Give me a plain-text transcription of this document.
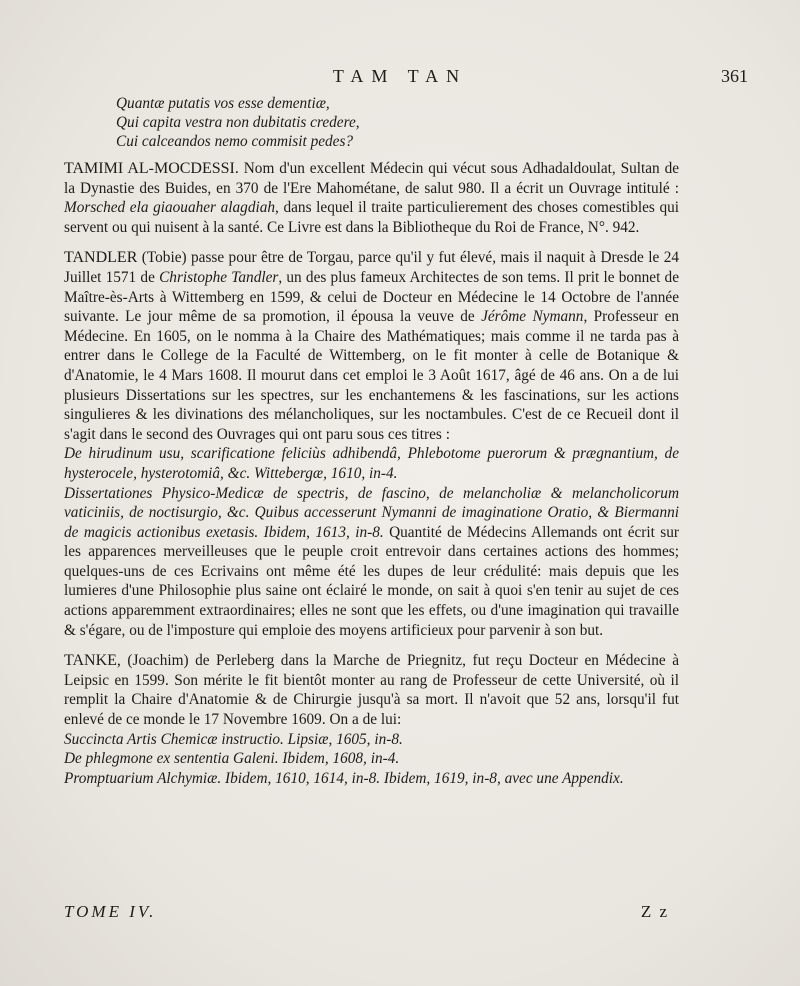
TAM TAN	361
Quantæ putatis vos esse dementiæ,
Qui capita vestra non dubitatis credere,
Cui calceandos nemo commisit pedes?

TAMIMI AL-MOCDESSI. Nom d'un excellent Médecin qui vécut sous Adhadaldoulat, Sultan de la Dynastie des Buides, en 370 de l'Ere Mahométane, de salut 980. Il a écrit un Ouvrage intitulé : Morsched ela giaouaher alagdiah, dans lequel il traite particulierement des choses comestibles qui servent ou qui nuisent à la santé. Ce Livre est dans la Bibliotheque du Roi de France, N°. 942.

TANDLER (Tobie) passe pour être de Torgau, parce qu'il y fut élevé, mais il naquit à Dresde le 24 Juillet 1571 de Christophe Tandler, un des plus fameux Architectes de son tems. Il prit le bonnet de Maître-ès-Arts à Wittemberg en 1599, & celui de Docteur en Médecine le 14 Octobre de l'année suivante. Le jour même de sa promotion, il épousa la veuve de Jérôme Nymann, Professeur en Médecine. En 1605, on le nomma à la Chaire des Mathématiques; mais comme il ne tarda pas à entrer dans le College de la Faculté de Wittemberg, on le fit monter à celle de Botanique & d'Anatomie, le 4 Mars 1608. Il mourut dans cet emploi le 3 Août 1617, âgé de 46 ans. On a de lui plusieurs Dissertations sur les spectres, sur les enchantemens & les fascinations, sur les actions singulieres & les divinations des mélancholiques, sur les noctambules. C'est de ce Recueil dont il s'agit dans le second des Ouvrages qui ont paru sous ces titres :
De hirudinum usu, scarificatione feliciùs adhibendâ, Phlebotome puerorum & prægnantium, de hysterocele, hysterotomiâ, &c. Wittebergæ, 1610, in-4.
Dissertationes Physico-Medicæ de spectris, de fascino, de melancholiæ & melancholicorum vaticiniis, de noctisurgio, &c. Quibus accesserunt Nymanni de imaginatione Oratio, & Biermanni de magicis actionibus exetasis. Ibidem, 1613, in-8. Quantité de Médecins Allemands ont écrit sur les apparences merveilleuses que le peuple croit entrevoir dans certaines actions des hommes; quelques-uns de ces Ecrivains ont même été les dupes de leur crédulité: mais depuis que les lumieres d'une Philosophie plus saine ont éclairé le monde, on sait à quoi s'en tenir au sujet de ces actions apparemment extraordinaires; elles ne sont que les effets, ou d'une imagination qui travaille & s'égare, ou de l'imposture qui emploie des moyens artificieux pour parvenir à son but.

TANKE, (Joachim) de Perleberg dans la Marche de Priegnitz, fut reçu Docteur en Médecine à Leipsic en 1599. Son mérite le fit bientôt monter au rang de Professeur de cette Université, où il remplit la Chaire d'Anatomie & de Chirurgie jusqu'à sa mort. Il n'avoit que 52 ans, lorsqu'il fut enlevé de ce monde le 17 Novembre 1609. On a de lui:
Succincta Artis Chemicæ instructio. Lipsiæ, 1605, in-8.
De phlegmone ex sententia Galeni. Ibidem, 1608, in-4.
Promptuarium Alchymiæ. Ibidem, 1610, 1614, in-8. Ibidem, 1619, in-8, avec une Appendix.

TOME IV.	Z z
